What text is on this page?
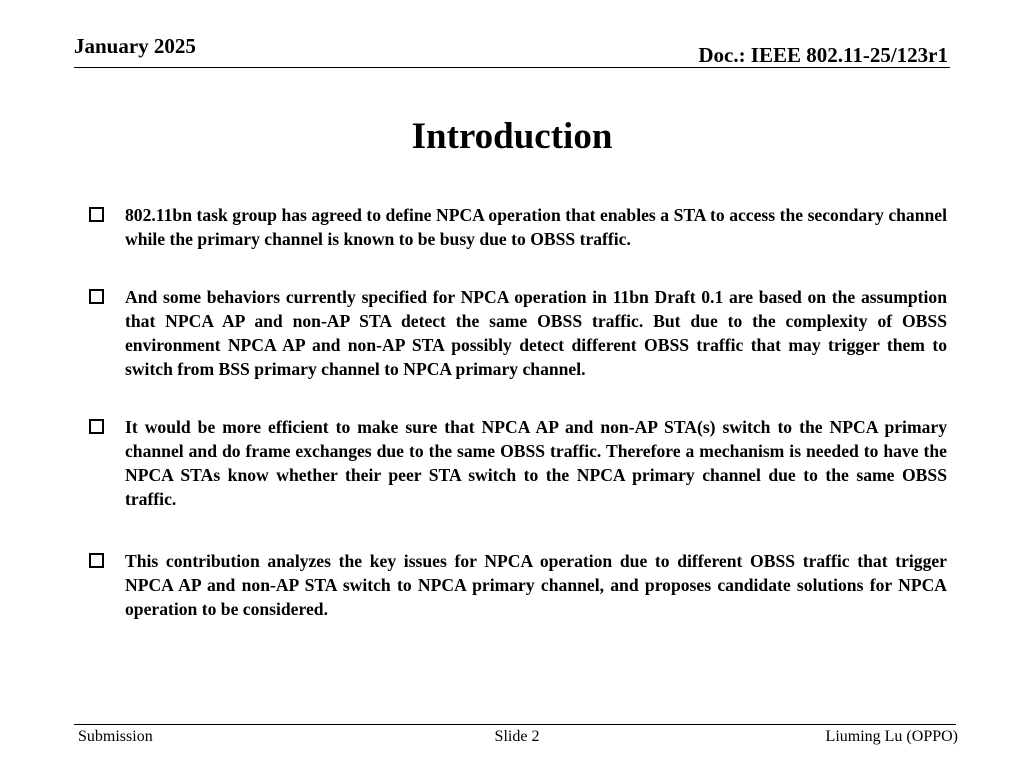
January 2025	Doc.: IEEE 802.11-25/123r1
Introduction
802.11bn task group has agreed to define NPCA operation that enables a STA to access the secondary channel while the primary channel is known to be busy due to OBSS traffic.
And some behaviors currently specified for NPCA operation in 11bn Draft 0.1 are based on the assumption that NPCA AP and non-AP STA detect the same OBSS traffic. But due to the complexity of OBSS environment NPCA AP and non-AP STA possibly detect different OBSS traffic that may trigger them to switch from BSS primary channel to NPCA primary channel.
It would be more efficient to make sure that NPCA AP and non-AP STA(s) switch to the NPCA primary channel and do frame exchanges due to the same OBSS traffic. Therefore a mechanism is needed to have the NPCA STAs know whether their peer STA switch to the NPCA primary channel due to the same OBSS traffic.
This contribution analyzes the key issues for NPCA operation due to different OBSS traffic that trigger NPCA AP and non-AP STA switch to NPCA primary channel, and proposes candidate solutions for NPCA operation to be considered.
Submission	Slide 2	Liuming Lu (OPPO)
